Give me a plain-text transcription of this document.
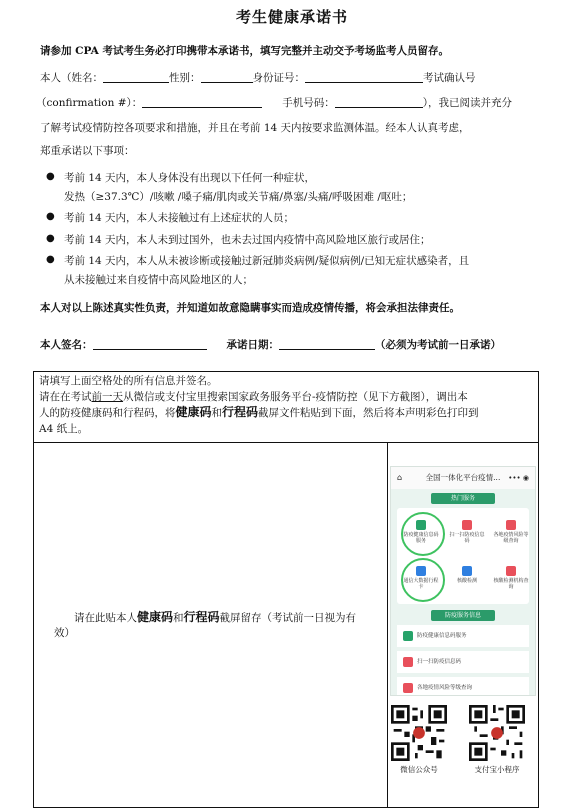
考生健康承诺书
请参加 CPA 考试考生务必打印携带本承诺书，填写完整并主动交予考场监考人员留存。
本人（姓名：	性别：	身份证号：	考试确认号
（confirmation #）：	手机号码：	），我已阅读并充分
了解考试疫情防控各项要求和措施，并且在考前 14 天内按要求监测体温。经本人认真考虑，
郑重承诺以下事项：
● 考前 14 天内，本人身体没有出现以下任何一种症状，
发热（≥37.3℃）/咳嗽 /嗓子痛/肌肉或关节痛/鼻塞/头痛/呼吸困难 /呕吐；
● 考前 14 天内，本人未接触过有上述症状的人员；
● 考前 14 天内，本人未到过国外，也未去过国内疫情中高风险地区旅行或居住；
● 考前 14 天内，本人从未被诊断或接触过新冠肺炎病例/疑似病例/已知无症状感染者，且
从未接触过来自疫情中高风险地区的人；
本人对以上陈述真实性负责，并知道如故意隐瞒事实而造成疫情传播，将会承担法律责任。
本人签名：	承诺日期：	（必须为考试前一日承诺）
请填写上面空格处的所有信息并签名。
请在在考试前一天从微信或支付宝里搜索国家政务服务平台-疫情防控（见下方截图），调出本
人的防疫健康码和行程码，将健康码和行程码截屏文件粘贴到下面，然后将本声明彩色打印到
A4 纸上。

请在此贴本人健康码和行程码截屏留存（考试前一日视为有
效）

⌂	全国一体化平台疫情... ••• ◉
热门服务
防疫健康信息码服务
扫一扫防疫信息码
各地疫情风险等级查询
通信大数据行程卡
核酸检测	核酸检测机构查询
防疫服务信息
防疫健康信息码服务
扫一扫防疫信息码
各地疫情风险等级查询
微信公众号	支付宝小程序
